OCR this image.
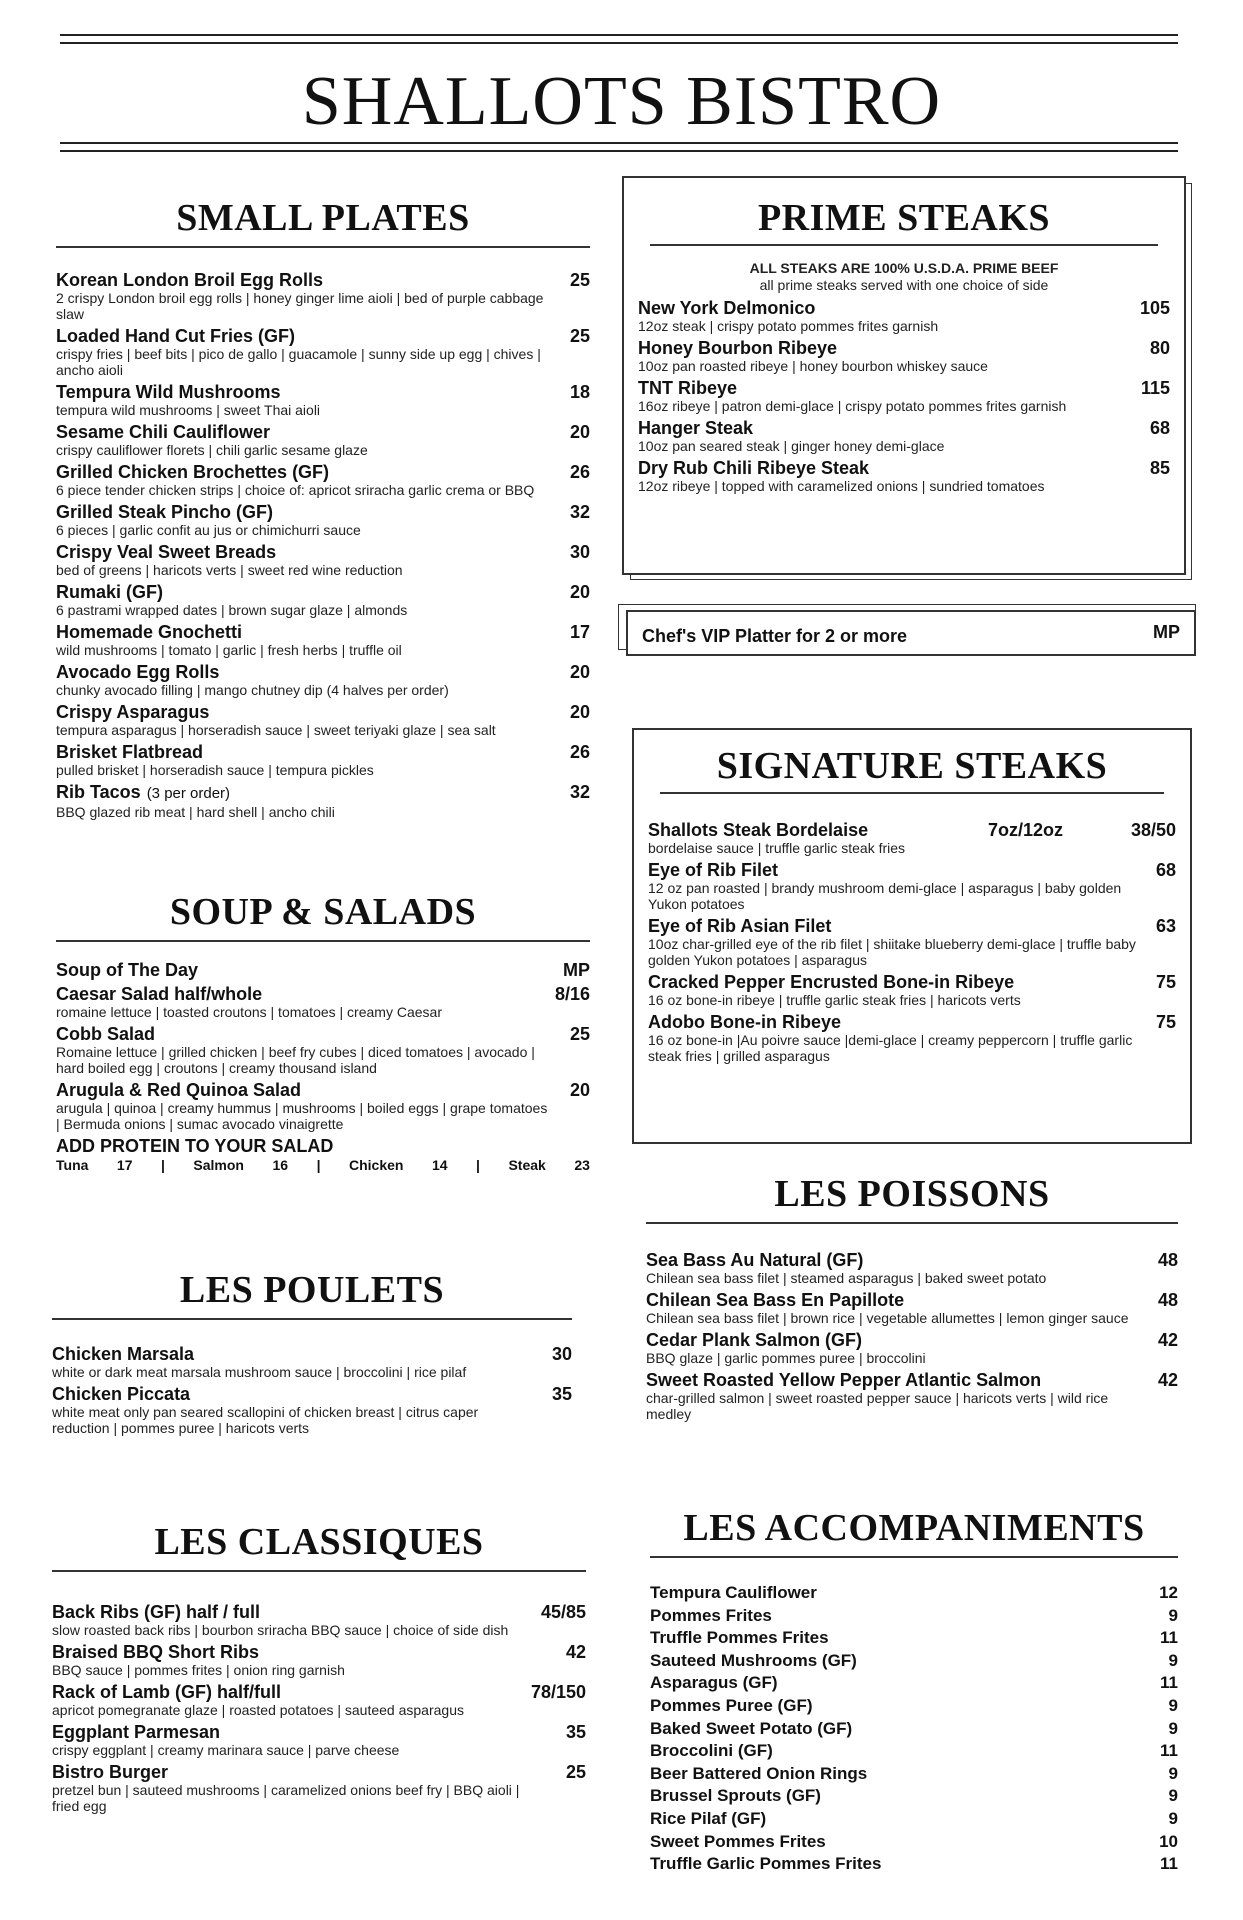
SHALLOTS BISTRO
SMALL PLATES
Korean London Broil Egg Rolls	25
2 crispy London broil egg rolls | honey ginger lime aioli | bed of purple cabbage slaw
Loaded Hand Cut Fries (GF)	25
crispy fries | beef bits | pico de gallo | guacamole | sunny side up egg | chives | ancho aioli
Tempura Wild Mushrooms	18
tempura wild mushrooms | sweet Thai aioli
Sesame Chili Cauliflower	20
crispy cauliflower florets | chili garlic sesame glaze
Grilled Chicken Brochettes (GF)	26
6 piece tender chicken strips | choice of: apricot sriracha garlic crema or BBQ
Grilled Steak Pincho (GF)	32
6 pieces | garlic confit au jus or chimichurri sauce
Crispy Veal Sweet Breads	30
bed of greens | haricots verts | sweet red wine reduction
Rumaki (GF)	20
6 pastrami wrapped dates | brown sugar glaze | almonds
Homemade Gnochetti	17
wild mushrooms | tomato | garlic | fresh herbs | truffle oil
Avocado Egg Rolls	20
chunky avocado filling | mango chutney dip (4 halves per order)
Crispy Asparagus	20
tempura asparagus | horseradish sauce | sweet teriyaki glaze | sea salt
Brisket Flatbread	26
pulled brisket | horseradish sauce | tempura pickles
Rib Tacos (3 per order)	32
BBQ glazed rib meat | hard shell | ancho chili
SOUP & SALADS
Soup of The Day	MP
Caesar Salad half/whole	8/16
romaine lettuce | toasted croutons | tomatoes | creamy Caesar
Cobb Salad	25
Romaine lettuce | grilled chicken | beef fry cubes | diced tomatoes | avocado | hard boiled egg | croutons | creamy thousand island
Arugula & Red Quinoa Salad	20
arugula | quinoa | creamy hummus | mushrooms | boiled eggs | grape tomatoes | Bermuda onions | sumac avocado vinaigrette
ADD PROTEIN TO YOUR SALAD
Tuna 17 | Salmon 16 | Chicken 14 | Steak 23
LES POULETS
Chicken Marsala	30
white or dark meat marsala mushroom sauce | broccolini | rice pilaf
Chicken Piccata	35
white meat only pan seared scallopini of chicken breast | citrus caper reduction | pommes puree | haricots verts
LES CLASSIQUES
Back Ribs (GF) half / full	45/85
slow roasted back ribs | bourbon sriracha BBQ sauce | choice of side dish
Braised BBQ Short Ribs	42
BBQ sauce | pommes frites | onion ring garnish
Rack of Lamb (GF) half/full	78/150
apricot pomegranate glaze | roasted potatoes | sauteed asparagus
Eggplant Parmesan	35
crispy eggplant | creamy marinara sauce | parve cheese
Bistro Burger	25
pretzel bun | sauteed mushrooms | caramelized onions beef fry | BBQ aioli | fried egg
PRIME STEAKS
ALL STEAKS ARE 100% U.S.D.A. PRIME BEEF
all prime steaks served with one choice of side
New York Delmonico	105
12oz steak | crispy potato pommes frites garnish
Honey Bourbon Ribeye	80
10oz pan roasted ribeye | honey bourbon whiskey sauce
TNT Ribeye	115
16oz ribeye | patron demi-glace | crispy potato pommes frites garnish
Hanger Steak	68
10oz pan seared steak | ginger honey demi-glace
Dry Rub Chili Ribeye Steak	85
12oz ribeye | topped with caramelized onions | sundried tomatoes
Chef's VIP Platter for 2 or more	MP
SIGNATURE STEAKS
Shallots Steak Bordelaise	7oz/12oz	38/50
bordelaise sauce | truffle garlic steak fries
Eye of Rib Filet	68
12 oz pan roasted | brandy mushroom demi-glace | asparagus | baby golden Yukon potatoes
Eye of Rib Asian Filet	63
10oz char-grilled eye of the rib filet | shiitake blueberry demi-glace | truffle baby golden Yukon potatoes | asparagus
Cracked Pepper Encrusted Bone-in Ribeye	75
16 oz bone-in ribeye | truffle garlic steak fries | haricots verts
Adobo Bone-in Ribeye	75
16 oz bone-in |Au poivre sauce |demi-glace | creamy peppercorn | truffle garlic steak fries | grilled asparagus
LES POISSONS
Sea Bass Au Natural (GF)	48
Chilean sea bass filet | steamed asparagus | baked sweet potato
Chilean Sea Bass En Papillote	48
Chilean sea bass filet | brown rice | vegetable allumettes | lemon ginger sauce
Cedar Plank Salmon (GF)	42
BBQ glaze | garlic pommes puree | broccolini
Sweet Roasted Yellow Pepper Atlantic Salmon	42
char-grilled salmon | sweet roasted pepper sauce | haricots verts | wild rice medley
LES ACCOMPANIMENTS
Tempura Cauliflower	12
Pommes Frites	9
Truffle Pommes Frites	11
Sauteed Mushrooms (GF)	9
Asparagus (GF)	11
Pommes Puree (GF)	9
Baked Sweet Potato (GF)	9
Broccolini (GF)	11
Beer Battered Onion Rings	9
Brussel Sprouts (GF)	9
Rice Pilaf (GF)	9
Sweet Pommes Frites	10
Truffle Garlic Pommes Frites	11
